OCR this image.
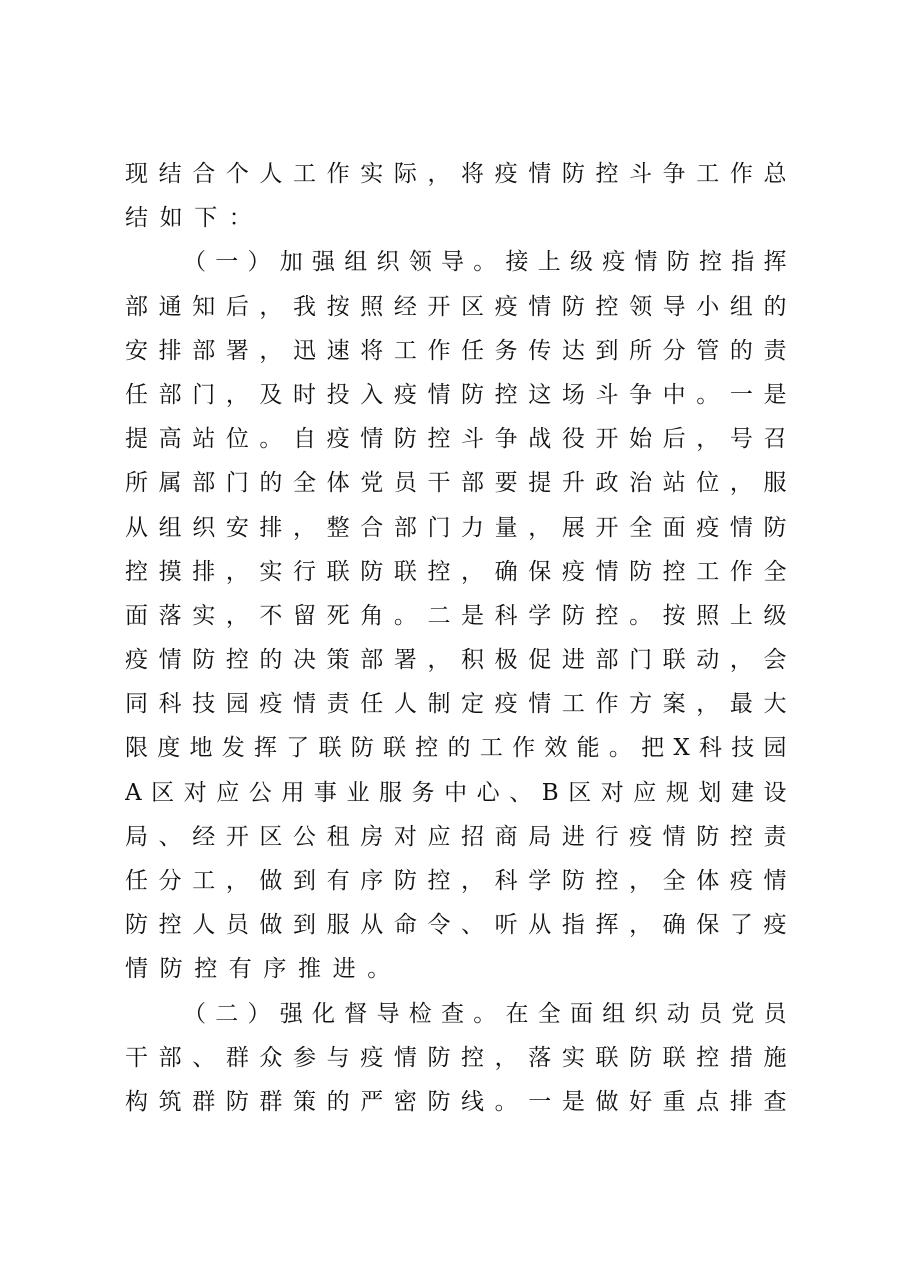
现结合个人工作实际，将疫情防控斗争工作总
结如下：
（一）加强组织领导。接上级疫情防控指挥
部通知后，我按照经开区疫情防控领导小组的
安排部署，迅速将工作任务传达到所分管的责
任部门，及时投入疫情防控这场斗争中。一是
提高站位。自疫情防控斗争战役开始后，号召
所属部门的全体党员干部要提升政治站位，服
从组织安排，整合部门力量，展开全面疫情防
控摸排，实行联防联控，确保疫情防控工作全
面落实，不留死角。二是科学防控。按照上级
疫情防控的决策部署，积极促进部门联动，会
同科技园疫情责任人制定疫情工作方案，最大
限度地发挥了联防联控的工作效能。把X科技园
A区对应公用事业服务中心、B区对应规划建设
局、经开区公租房对应招商局进行疫情防控责
任分工，做到有序防控，科学防控，全体疫情
防控人员做到服从命令、听从指挥，确保了疫
情防控有序推进。
（二）强化督导检查。在全面组织动员党员
干部、群众参与疫情防控，落实联防联控措施
构筑群防群策的严密防线。一是做好重点排查
